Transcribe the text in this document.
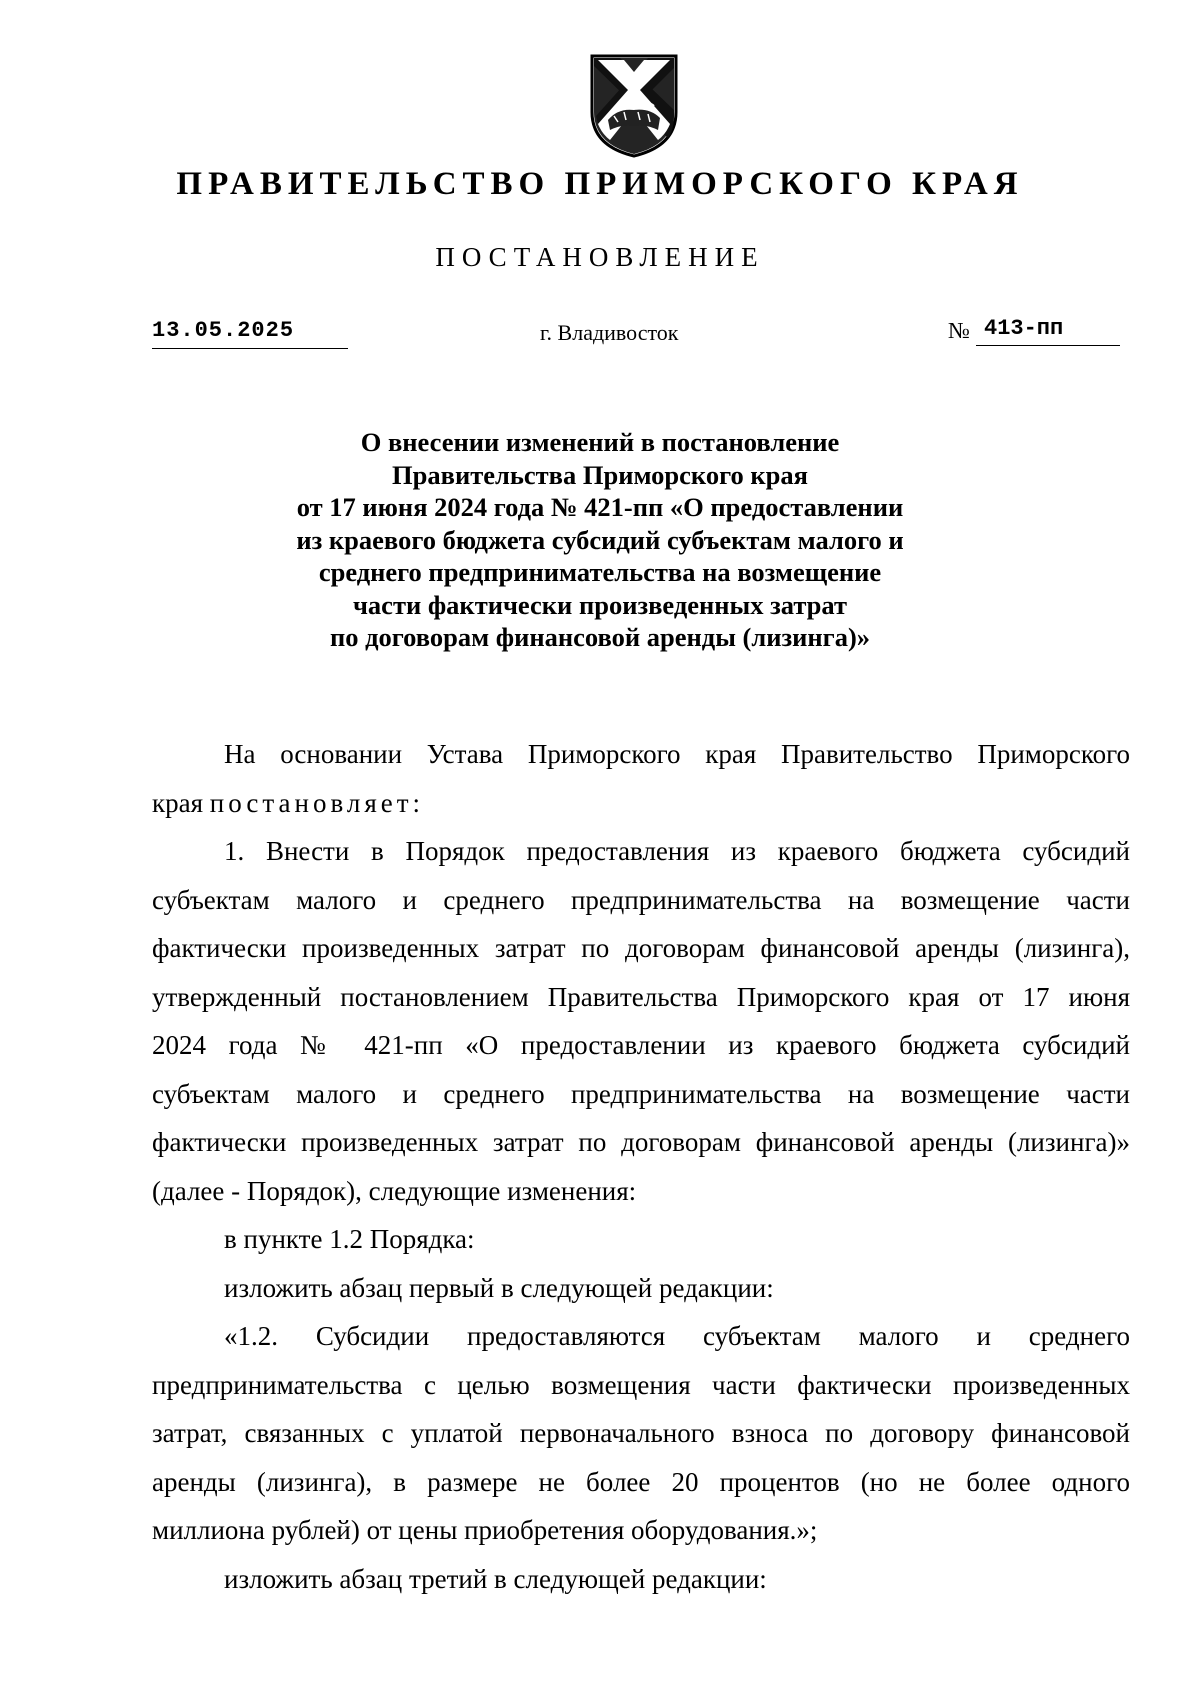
ПРАВИТЕЛЬСТВО ПРИМОРСКОГО КРАЯ
ПОСТАНОВЛЕНИЕ
13.05.2025	г. Владивосток	№ 413-пп
О внесении изменений в постановление
Правительства Приморского края
от 17 июня 2024 года № 421-пп «О предоставлении
из краевого бюджета субсидий субъектам малого и
среднего предпринимательства на возмещение
части фактически произведенных затрат
по договорам финансовой аренды (лизинга)»

На основании Устава Приморского края Правительство Приморского

края постановляет:

1. Внести в Порядок предоставления из краевого бюджета субсидий

субъектам малого и среднего предпринимательства на возмещение части

фактически произведенных затрат по договорам финансовой аренды (лизинга),

утвержденный постановлением Правительства Приморского края от 17 июня

2024 года № 421-пп «О предоставлении из краевого бюджета субсидий

субъектам малого и среднего предпринимательства на возмещение части

фактически произведенных затрат по договорам финансовой аренды (лизинга)»

(далее - Порядок), следующие изменения:

в пункте 1.2 Порядка:

изложить абзац первый в следующей редакции:

«1.2. Субсидии предоставляются субъектам малого и среднего

предпринимательства с целью возмещения части фактически произведенных

затрат, связанных с уплатой первоначального взноса по договору финансовой

аренды (лизинга), в размере не более 20 процентов (но не более одного

миллиона рублей) от цены приобретения оборудования.»;

изложить абзац третий в следующей редакции:
